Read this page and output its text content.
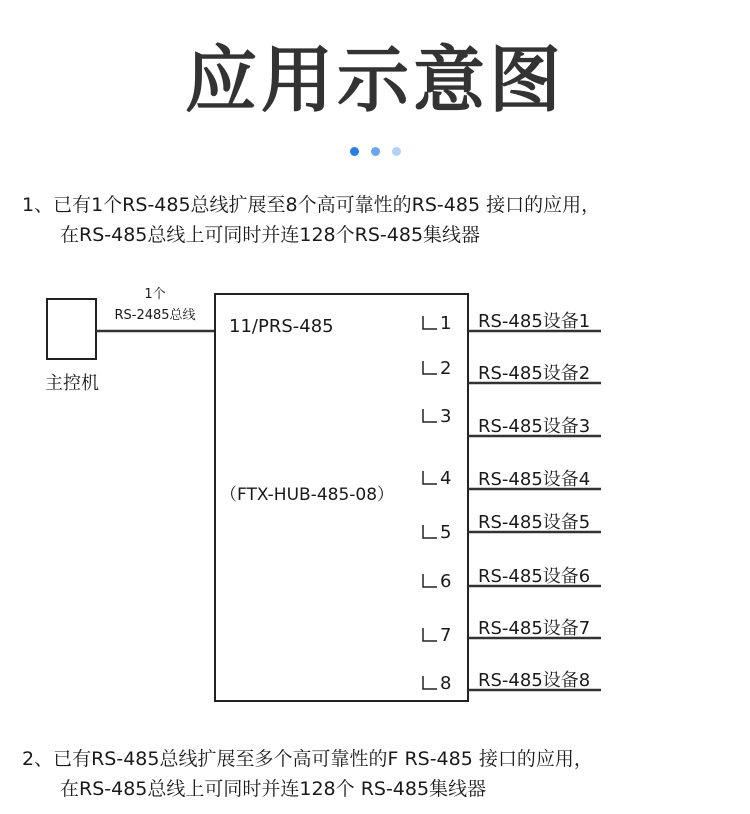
应用示意图
1、已有1个RS-485总线扩展至8个高可靠性的RS-485 接口的应用，
在RS-485总线上可同时并连128个RS-485集线器
主控机
1个
RS-2485总线
11/PRS-485
（FTX-HUB-485-08）
1 RS-485设备1
2 RS-485设备2
3 RS-485设备3
4 RS-485设备4
5 RS-485设备5
6 RS-485设备6
7 RS-485设备7
8 RS-485设备8
2、已有RS-485总线扩展至多个高可靠性的F RS-485 接口的应用，
在RS-485总线上可同时并连128个 RS-485集线器
